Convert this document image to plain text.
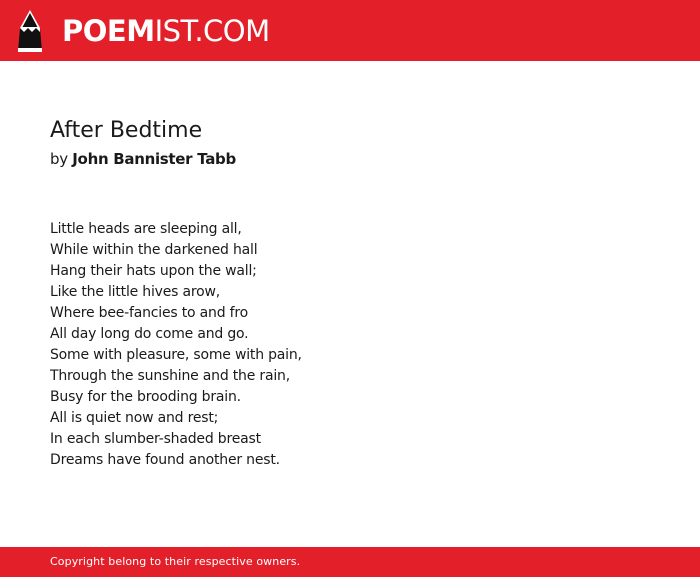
POEMIST.COM
After Bedtime
by John Bannister Tabb
Little heads are sleeping all,
While within the darkened hall
Hang their hats upon the wall;
Like the little hives arow,
Where bee-fancies to and fro
All day long do come and go.
Some with pleasure, some with pain,
Through the sunshine and the rain,
Busy for the brooding brain.
All is quiet now and rest;
In each slumber-shaded breast
Dreams have found another nest.
Copyright belong to their respective owners.
